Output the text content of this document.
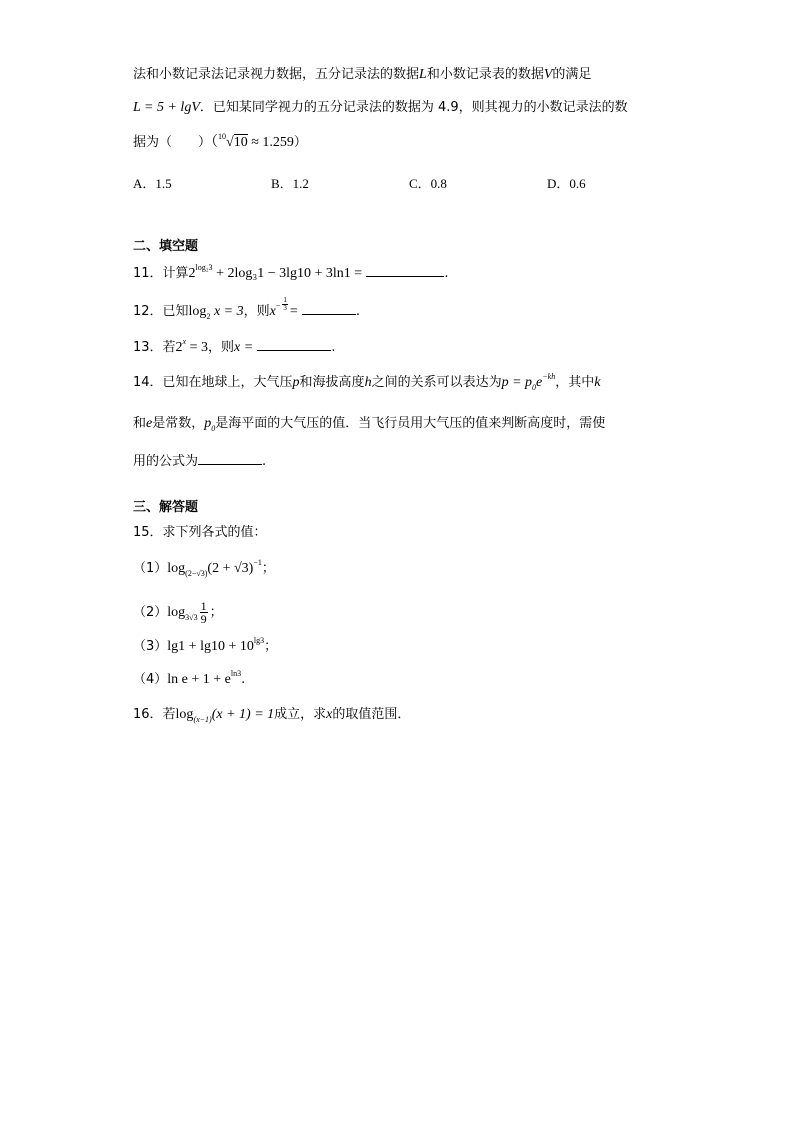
法和小数记录法记录视力数据，五分记录法的数据L和小数记录表的数据V的满足
L = 5 + lgV．已知某同学视力的五分记录法的数据为 4.9，则其视力的小数记录法的数
据为（　　）（$^{10}$√10 ≈ 1.259）
A．1.5	B．1.2	C．0.8	D．0.6
二、填空题
11．计算$2^{log_23} + 2\log_31 - 3\lg 10 + 3\ln 1$ =	.
12．已知$\log_2 x = 3$，则$x- \frac{1}{3}$ =	.
13．若$2^x = 3$，则x =	.
14．已知在地球上，大气压p和海拔高度h之间的关系可以表达为$p = p_0e^{-kh}$，其中k
和e是常数，$p_0$是海平面的大气压的值．当飞行员用大气压的值来判断高度时，需使
用的公式为	.
三、解答题
15．求下列各式的值：
$(1)\log_{(2-√3)}(2 + √3)^{-1}$；
$(2)\log_{3√3} \frac{1}{9}$ ；
$(3)\lg 1 + \lg 10 + 10^{lg3}$；
（4）ln $e + 1 + e^{ln3}$.
16．若$\log_{(x-1)}(x + 1) = 1$成立，求x的取值范围．
